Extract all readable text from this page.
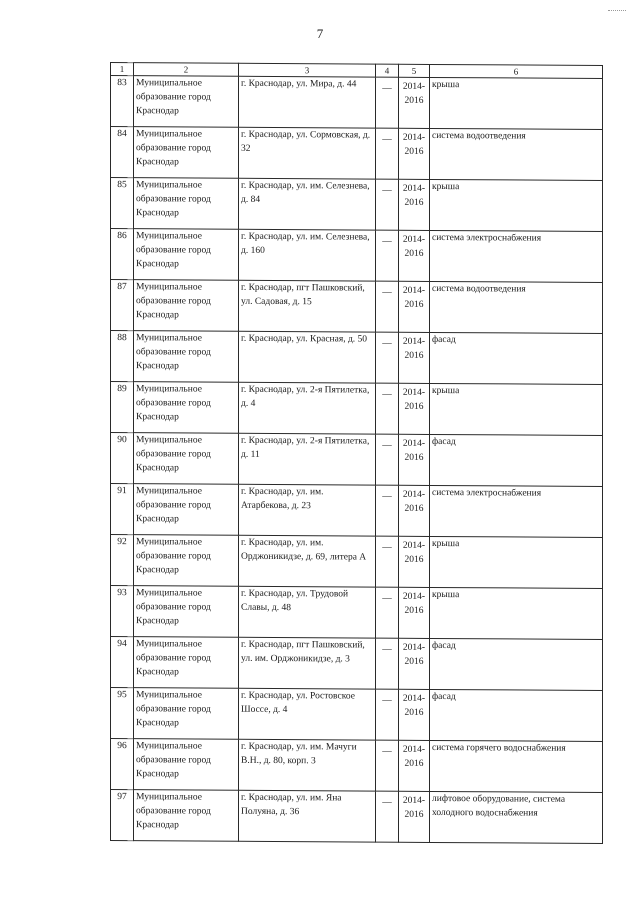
7
1	2	3	4	5	6
83	Муниципальное образование город Краснодар	г. Краснодар, ул. Мира, д. 44	—	2014-2016	крыша
84	Муниципальное образование город Краснодар	г. Краснодар, ул. Сормовская, д. 32	—	2014-2016	система водоотведения
85	Муниципальное образование город Краснодар	г. Краснодар, ул. им. Селезнева, д. 84	—	2014-2016	крыша
86	Муниципальное образование город Краснодар	г. Краснодар, ул. им. Селезнева, д. 160	—	2014-2016	система электроснабжения
87	Муниципальное образование город Краснодар	г. Краснодар, пгт Пашковский, ул. Садовая, д. 15	—	2014-2016	система водоотведения
88	Муниципальное образование город Краснодар	г. Краснодар, ул. Красная, д. 50	—	2014-2016	фасад
89	Муниципальное образование город Краснодар	г. Краснодар, ул. 2-я Пятилетка, д. 4	—	2014-2016	крыша
90	Муниципальное образование город Краснодар	г. Краснодар, ул. 2-я Пятилетка, д. 11	—	2014-2016	фасад
91	Муниципальное образование город Краснодар	г. Краснодар, ул. им. Атарбекова, д. 23	—	2014-2016	система электроснабжения
92	Муниципальное образование город Краснодар	г. Краснодар, ул. им. Орджоникидзе, д. 69, литера А	—	2014-2016	крыша
93	Муниципальное образование город Краснодар	г. Краснодар, ул. Трудовой Славы, д. 48	—	2014-2016	крыша
94	Муниципальное образование город Краснодар	г. Краснодар, пгт Пашковский, ул. им. Орджоникидзе, д. 3	—	2014-2016	фасад
95	Муниципальное образование город Краснодар	г. Краснодар, ул. Ростовское Шоссе, д. 4	—	2014-2016	фасад
96	Муниципальное образование город Краснодар	г. Краснодар, ул. им. Мачуги В.Н., д. 80, корп. 3	—	2014-2016	система горячего водоснабжения
97	Муниципальное образование город Краснодар	г. Краснодар, ул. им. Яна Полуяна, д. 36	—	2014-2016	лифтовое оборудование, система холодного водоснабжения
